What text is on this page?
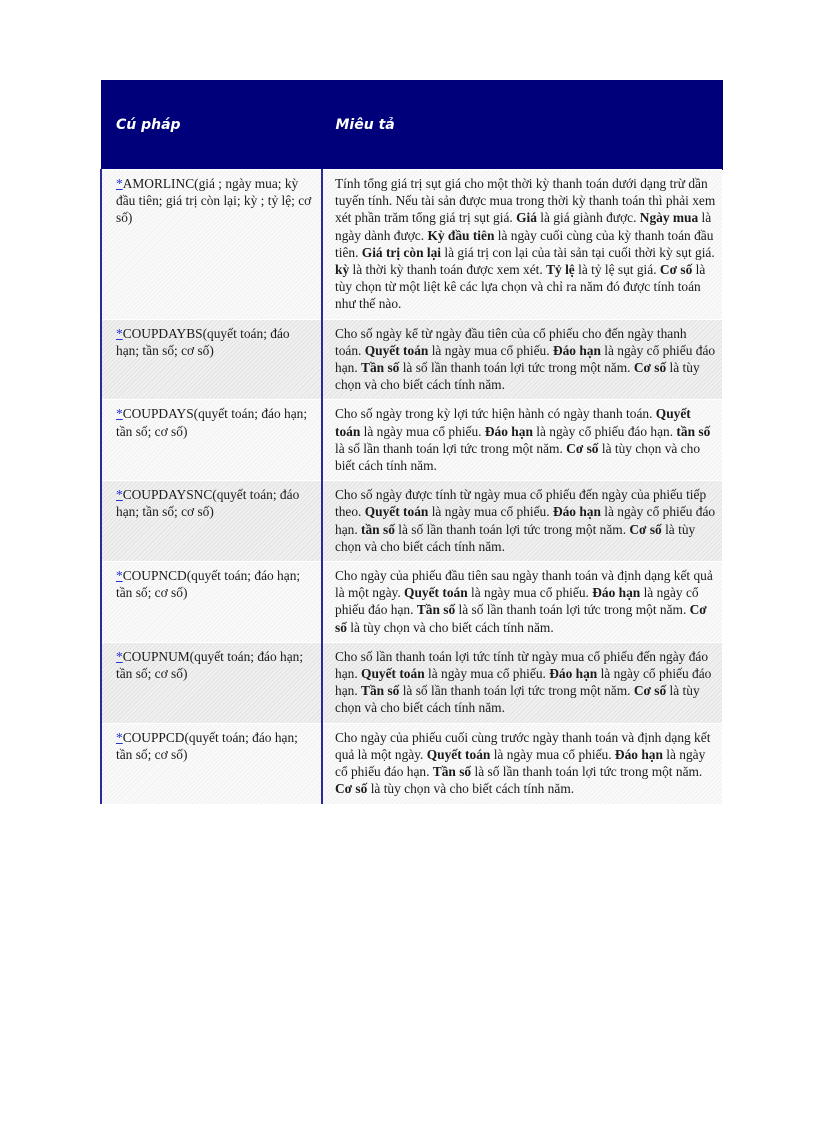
Cú pháp	Miêu tả
*AMORLINC(giá ; ngày mua; kỳ đầu tiên; giá trị còn lại; kỳ ; tỷ lệ; cơ số)	Tính tổng giá trị sụt giá cho một thời kỳ thanh toán dưới dạng trừ dần tuyến tính. Nếu tài sản được mua trong thời kỳ thanh toán thì phải xem xét phần trăm tổng giá trị sụt giá. Giá là giá giành được. Ngày mua là ngày dành được. Kỳ đầu tiên là ngày cuối cùng của kỳ thanh toán đầu tiên. Giá trị còn lại là giá trị con lại của tài sản tại cuối thời kỳ sụt giá. kỳ là thời kỳ thanh toán được xem xét. Tỷ lệ là tỷ lệ sụt giá. Cơ số là tùy chọn từ một liệt kê các lựa chọn và chỉ ra năm đó được tính toán như thế nào.
*COUPDAYBS(quyết toán; đáo hạn; tần số; cơ số)	Cho số ngày kể từ ngày đầu tiên của cổ phiếu cho đến ngày thanh toán. Quyết toán là ngày mua cổ phiếu. Đáo hạn là ngày cổ phiếu đáo hạn. Tần số là số lần thanh toán lợi tức trong một năm. Cơ số là tùy chọn và cho biết cách tính năm.
*COUPDAYS(quyết toán; đáo hạn; tần số; cơ số)	Cho số ngày trong kỳ lợi tức hiện hành có ngày thanh toán. Quyết toán là ngày mua cổ phiếu. Đáo hạn là ngày cổ phiếu đáo hạn. tần số là số lần thanh toán lợi tức trong một năm. Cơ số là tùy chọn và cho biết cách tính năm.
*COUPDAYSNC(quyết toán; đáo hạn; tần số; cơ số)	Cho số ngày được tính từ ngày mua cổ phiếu đến ngày của phiếu tiếp theo. Quyết toán là ngày mua cổ phiếu. Đáo hạn là ngày cổ phiếu đáo hạn. tần số là số lần thanh toán lợi tức trong một năm. Cơ số là tùy chọn và cho biết cách tính năm.
*COUPNCD(quyết toán; đáo hạn; tần số; cơ số)	Cho ngày của phiếu đầu tiên sau ngày thanh toán và định dạng kết quả là một ngày. Quyết toán là ngày mua cổ phiếu. Đáo hạn là ngày cổ phiếu đáo hạn. Tần số là số lần thanh toán lợi tức trong một năm. Cơ số là tùy chọn và cho biết cách tính năm.
*COUPNUM(quyết toán; đáo hạn; tần số; cơ số)	Cho số lần thanh toán lợi tức tính từ ngày mua cổ phiếu đến ngày đáo hạn. Quyết toán là ngày mua cổ phiếu. Đáo hạn là ngày cổ phiếu đáo hạn. Tần số là số lần thanh toán lợi tức trong một năm. Cơ số là tùy chọn và cho biết cách tính năm.
*COUPPCD(quyết toán; đáo hạn; tần số; cơ số)	Cho ngày của phiếu cuối cùng trước ngày thanh toán và định dạng kết quả là một ngày. Quyết toán là ngày mua cổ phiếu. Đáo hạn là ngày cổ phiếu đáo hạn. Tần số là số lần thanh toán lợi tức trong một năm. Cơ số là tùy chọn và cho biết cách tính năm.
